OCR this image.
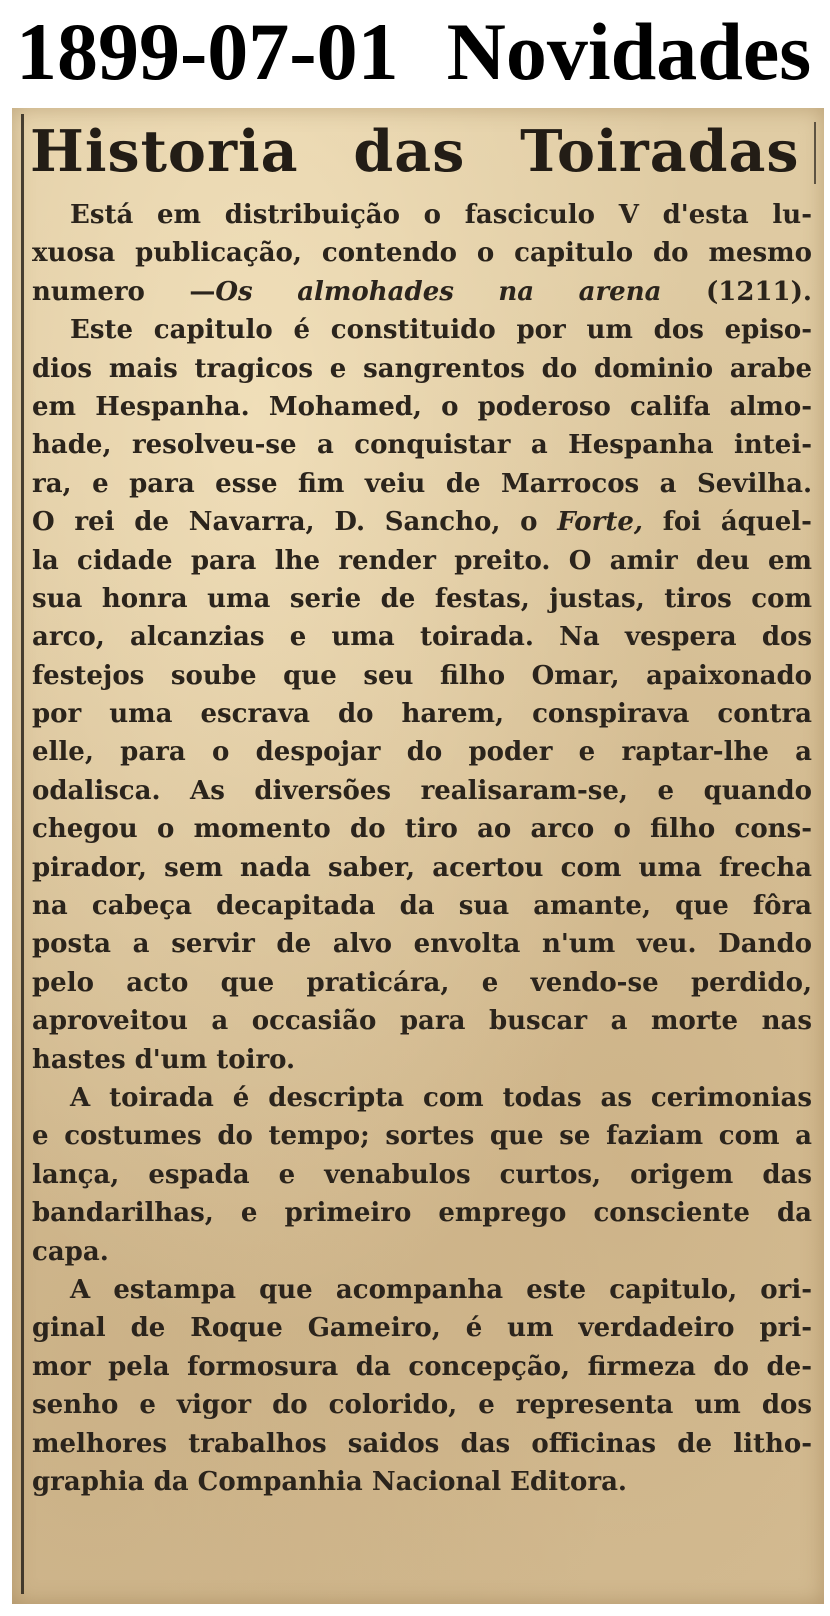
1899-07-01 Novidades
Historia das Toiradas
Está em distribuição o fasciculo V d'esta lu-
xuosa publicação, contendo o capitulo do mesmo
numero —Os almohades na arena (1211).
Este capitulo é constituido por um dos episo-
dios mais tragicos e sangrentos do dominio arabe
em Hespanha. Mohamed, o poderoso califa almo-
hade, resolveu-se a conquistar a Hespanha intei-
ra, e para esse fim veiu de Marrocos a Sevilha.
O rei de Navarra, D. Sancho, o Forte, foi áquel-
la cidade para lhe render preito. O amir deu em
sua honra uma serie de festas, justas, tiros com
arco, alcanzias e uma toirada. Na vespera dos
festejos soube que seu filho Omar, apaixonado
por uma escrava do harem, conspirava contra
elle, para o despojar do poder e raptar-lhe a
odalisca. As diversões realisaram-se, e quando
chegou o momento do tiro ao arco o filho cons-
pirador, sem nada saber, acertou com uma frecha
na cabeça decapitada da sua amante, que fôra
posta a servir de alvo envolta n'um veu. Dando
pelo acto que praticára, e vendo-se perdido,
aproveitou a occasião para buscar a morte nas
hastes d'um toiro.
A toirada é descripta com todas as cerimonias
e costumes do tempo; sortes que se faziam com a
lança, espada e venabulos curtos, origem das
bandarilhas, e primeiro emprego consciente da
capa.
A estampa que acompanha este capitulo, ori-
ginal de Roque Gameiro, é um verdadeiro pri-
mor pela formosura da concepção, firmeza do de-
senho e vigor do colorido, e representa um dos
melhores trabalhos saidos das officinas de litho-
graphia da Companhia Nacional Editora.
